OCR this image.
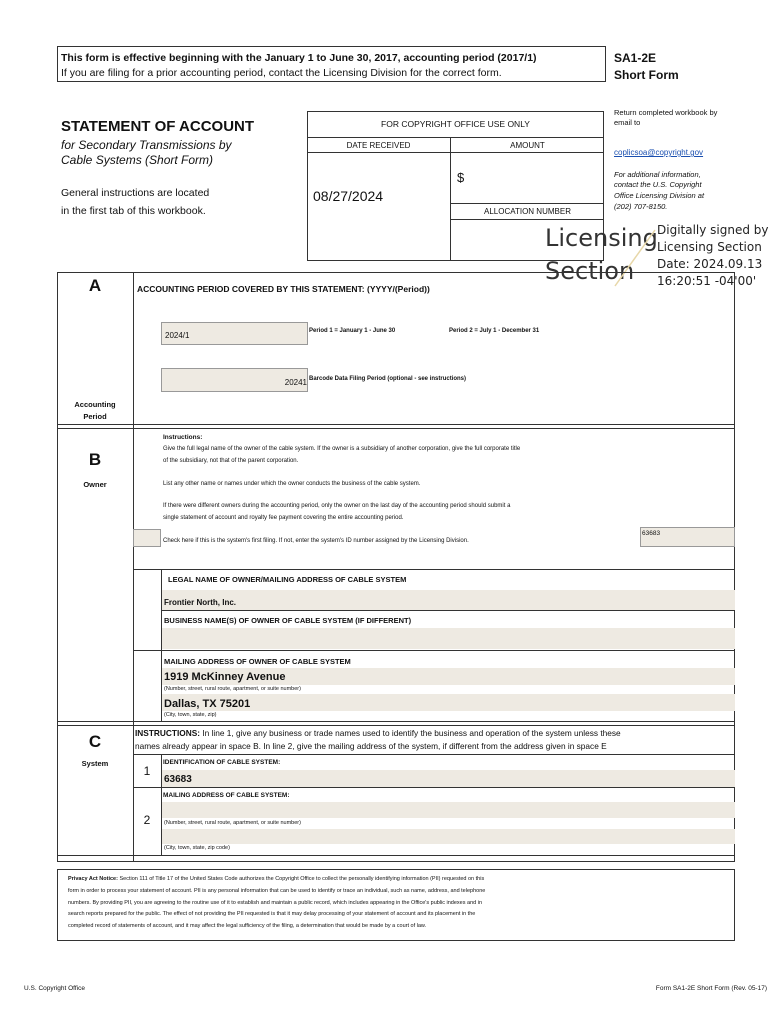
This form is effective beginning with the January 1 to June 30, 2017, accounting period (2017/1)
If you are filing for a prior accounting period, contact the Licensing Division for the correct form.
SA1-2E
Short Form
STATEMENT OF ACCOUNT
for Secondary Transmissions by
Cable Systems (Short Form)
General instructions are located
in the first tab of this workbook.
FOR COPYRIGHT OFFICE USE ONLY
DATE RECEIVED	AMOUNT
08/27/2024
$
ALLOCATION NUMBER
Return completed workbook by
email to
coplicsoa@copyright.gov
For additional information,
contact the U.S. Copyright
Office Licensing Division at
(202) 707-8150.
Licensing
Section
Digitally signed by
Licensing Section
Date: 2024.09.13
16:20:51 -04'00'
A	ACCOUNTING PERIOD COVERED BY THIS STATEMENT: (YYYY/(Period))
2024/1	Period 1 = January 1 - June 30	Period 2 = July 1 - December 31
20241 Barcode Data Filing Period (optional - see instructions)
Accounting
Period
B
Owner
Instructions:
Give the full legal name of the owner of the cable system. If the owner is a subsidiary of another corporation, give the full corporate title
of the subsidiary, not that of the parent corporation.
List any other name or names under which the owner conducts the business of the cable system.
If there were different owners during the accounting period, only the owner on the last day of the accounting period should submit a
single statement of account and royalty fee payment covering the entire accounting period.
Check here if this is the system's first filing. If not, enter the system's ID number assigned by the Licensing Division.
63683
LEGAL NAME OF OWNER/MAILING ADDRESS OF CABLE SYSTEM
Frontier North, Inc.
BUSINESS NAME(S) OF OWNER OF CABLE SYSTEM (IF DIFFERENT)
MAILING ADDRESS OF OWNER OF CABLE SYSTEM
1919 McKinney Avenue
(Number, street, rural route, apartment, or suite number)
Dallas, TX 75201
(City, town, state, zip)
C
System
INSTRUCTIONS: In line 1, give any business or trade names used to identify the business and operation of the system unless these
names already appear in space B. In line 2, give the mailing address of the system, if different from the address given in space E
1
IDENTIFICATION OF CABLE SYSTEM:
63683
MAILING ADDRESS OF CABLE SYSTEM:
2	(Number, street, rural route, apartment, or suite number)
(City, town, state, zip code)
Privacy Act Notice: Section 111 of Title 17 of the United States Code authorizes the Copyright Office to collect the personally identifying information (PII) requested on this
form in order to process your statement of account. PII is any personal information that can be used to identify or trace an individual, such as name, address, and telephone
numbers. By providing PII, you are agreeing to the routine use of it to establish and maintain a public record, which includes appearing in the Office's public indexes and in
search reports prepared for the public. The effect of not providing the PII requested is that it may delay processing of your statement of account and its placement in the
completed record of statements of account, and it may affect the legal sufficiency of the filing, a determination that would be made by a court of law.
U.S. Copyright Office	Form SA1-2E Short Form (Rev. 05-17)
